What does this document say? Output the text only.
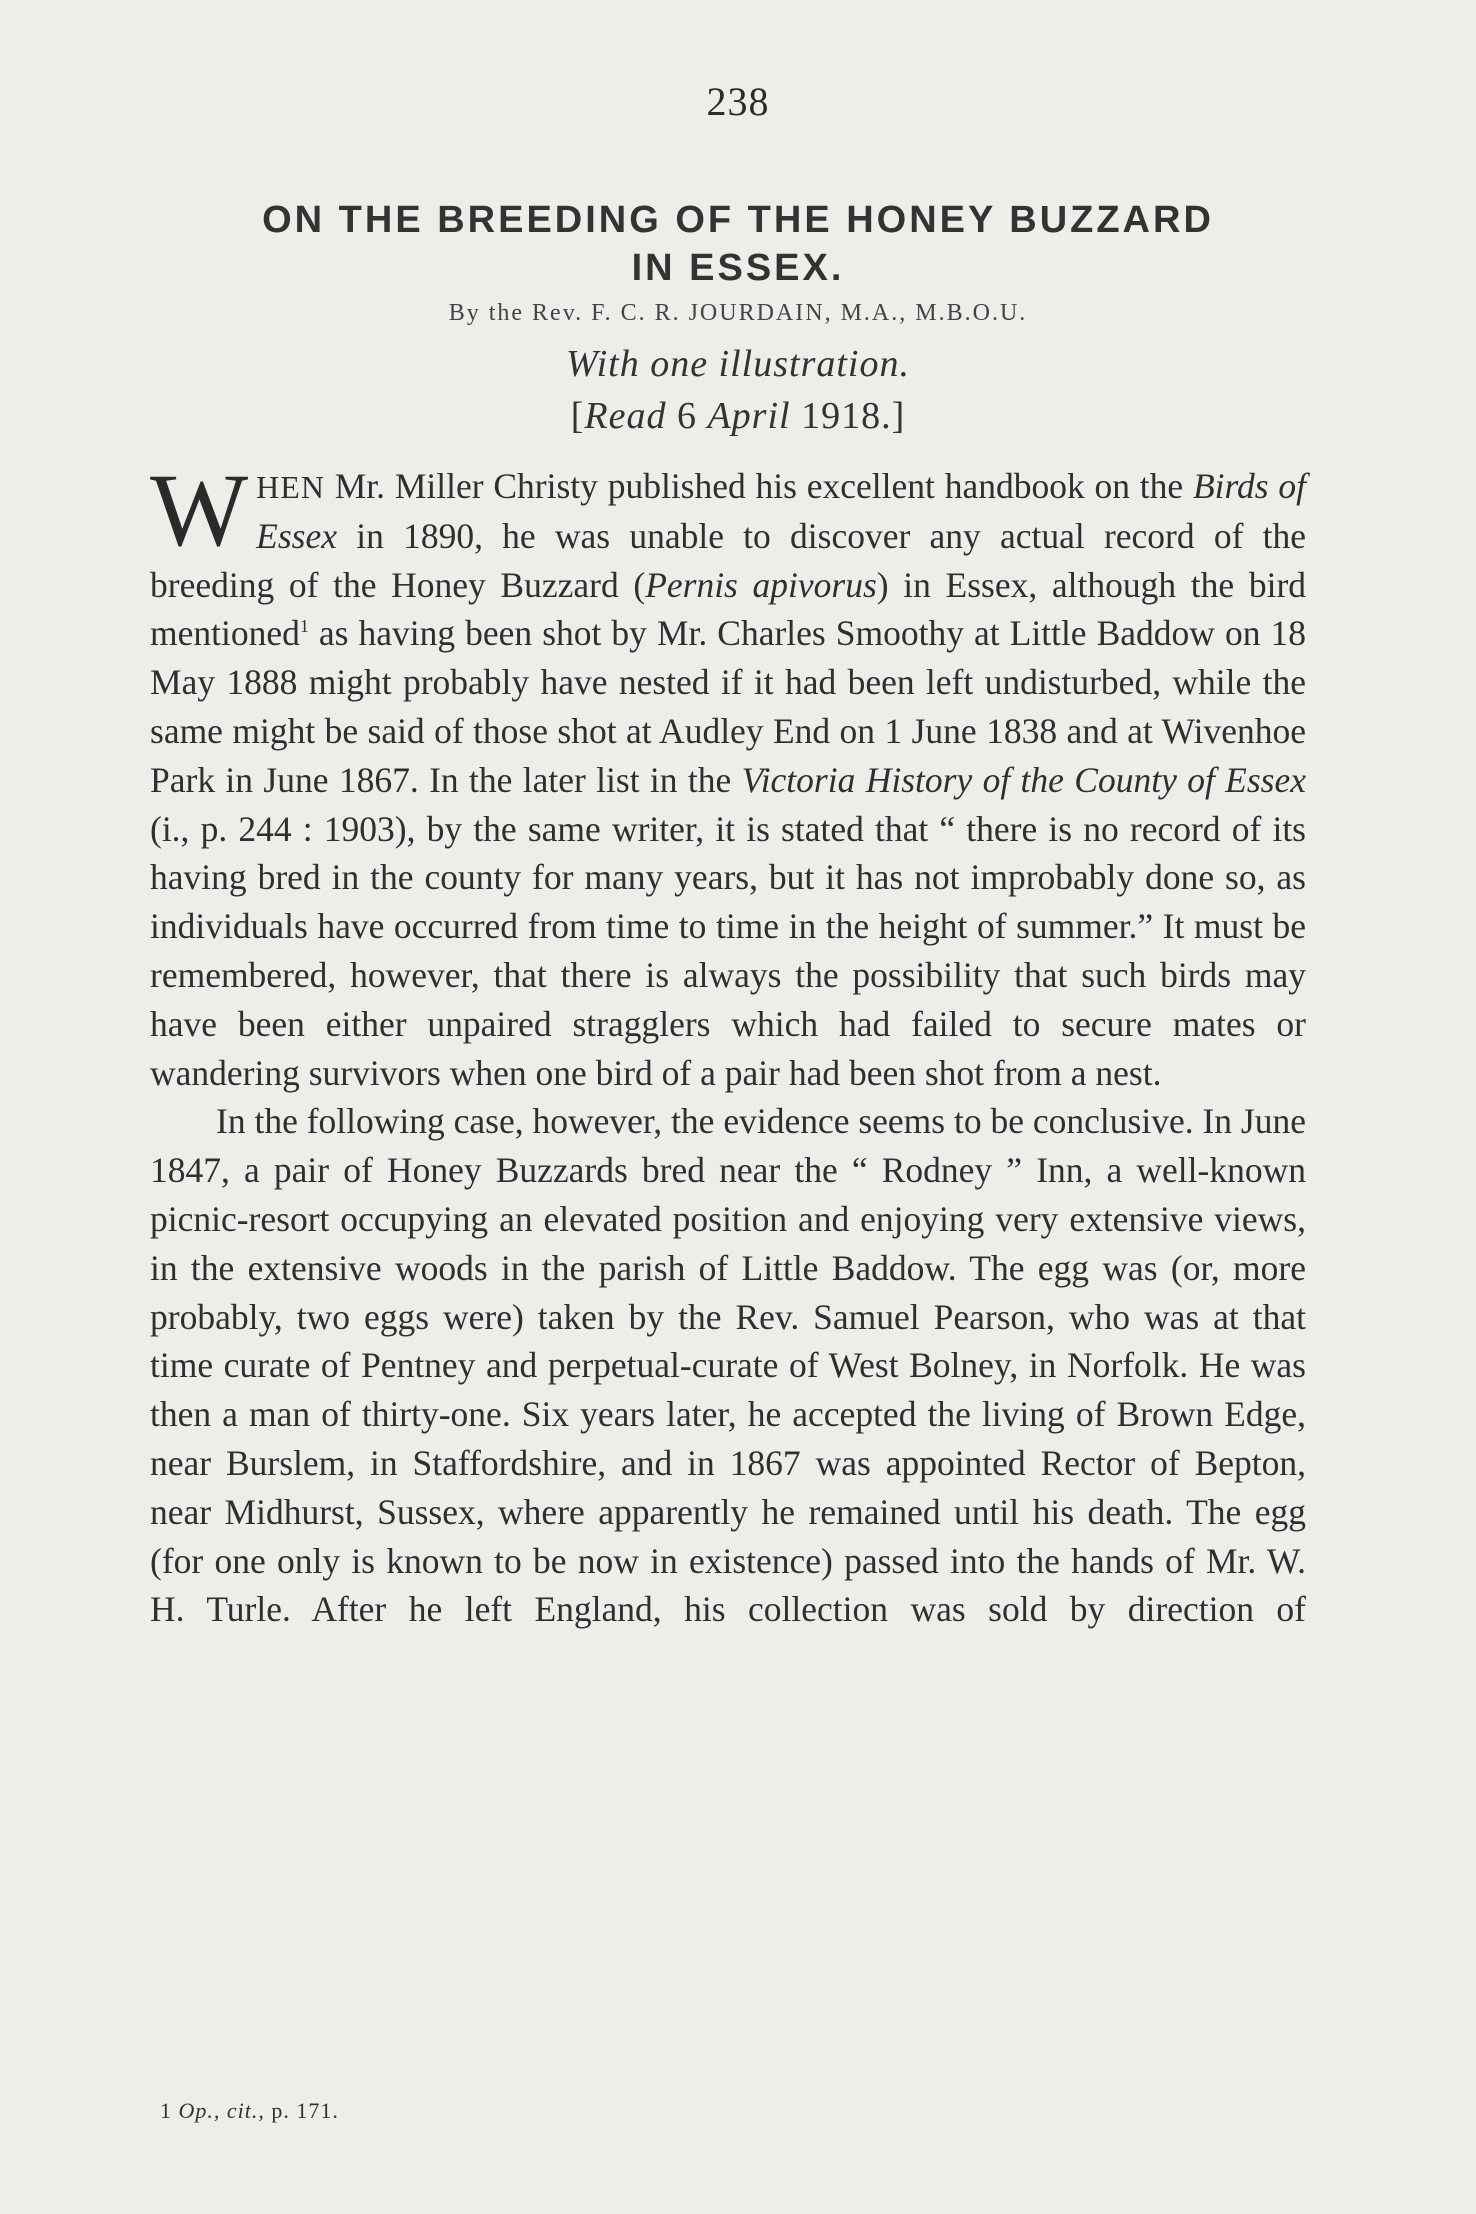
238
ON THE BREEDING OF THE HONEY BUZZARD
IN ESSEX.
By the Rev. F. C. R. JOURDAIN, M.A., M.B.O.U.
With one illustration.
[Read 6 April 1918.]

WHEN Mr. Miller Christy published his excellent handbook on the Birds of Essex in 1890, he was unable to discover any actual record of the breeding of the Honey Buzzard (Pernis apivorus) in Essex, although the bird mentioned$^1$ as having been shot by Mr. Charles Smoothy at Little Baddow on 18 May 1888 might probably have nested if it had been left undisturbed, while the same might be said of those shot at Audley End on 1 June 1838 and at Wivenhoe Park in June 1867. In the later list in the Victoria History of the County of Essex (i., p. 244 : 1903), by the same writer, it is stated that “ there is no record of its having bred in the county for many years, but it has not improbably done so, as individuals have occurred from time to time in the height of summer.” It must be remembered, however, that there is always the possibility that such birds may have been either unpaired stragglers which had failed to secure mates or wandering survivors when one bird of a pair had been shot from a nest.

In the following case, however, the evidence seems to be conclusive. In June 1847, a pair of Honey Buzzards bred near the “ Rodney ” Inn, a well-known picnic-resort occupying an elevated position and enjoying very extensive views, in the extensive woods in the parish of Little Baddow. The egg was (or, more probably, two eggs were) taken by the Rev. Samuel Pearson, who was at that time curate of Pentney and perpetual-curate of West Bolney, in Norfolk. He was then a man of thirty-one. Six years later, he accepted the living of Brown Edge, near Burslem, in Staffordshire, and in 1867 was appointed Rector of Bepton, near Midhurst, Sussex, where apparently he remained until his death. The egg (for one only is known to be now in existence) passed into the hands of Mr. W. H. Turle. After he left England, his collection was sold by direction of

1 Op., cit., p. 171.
